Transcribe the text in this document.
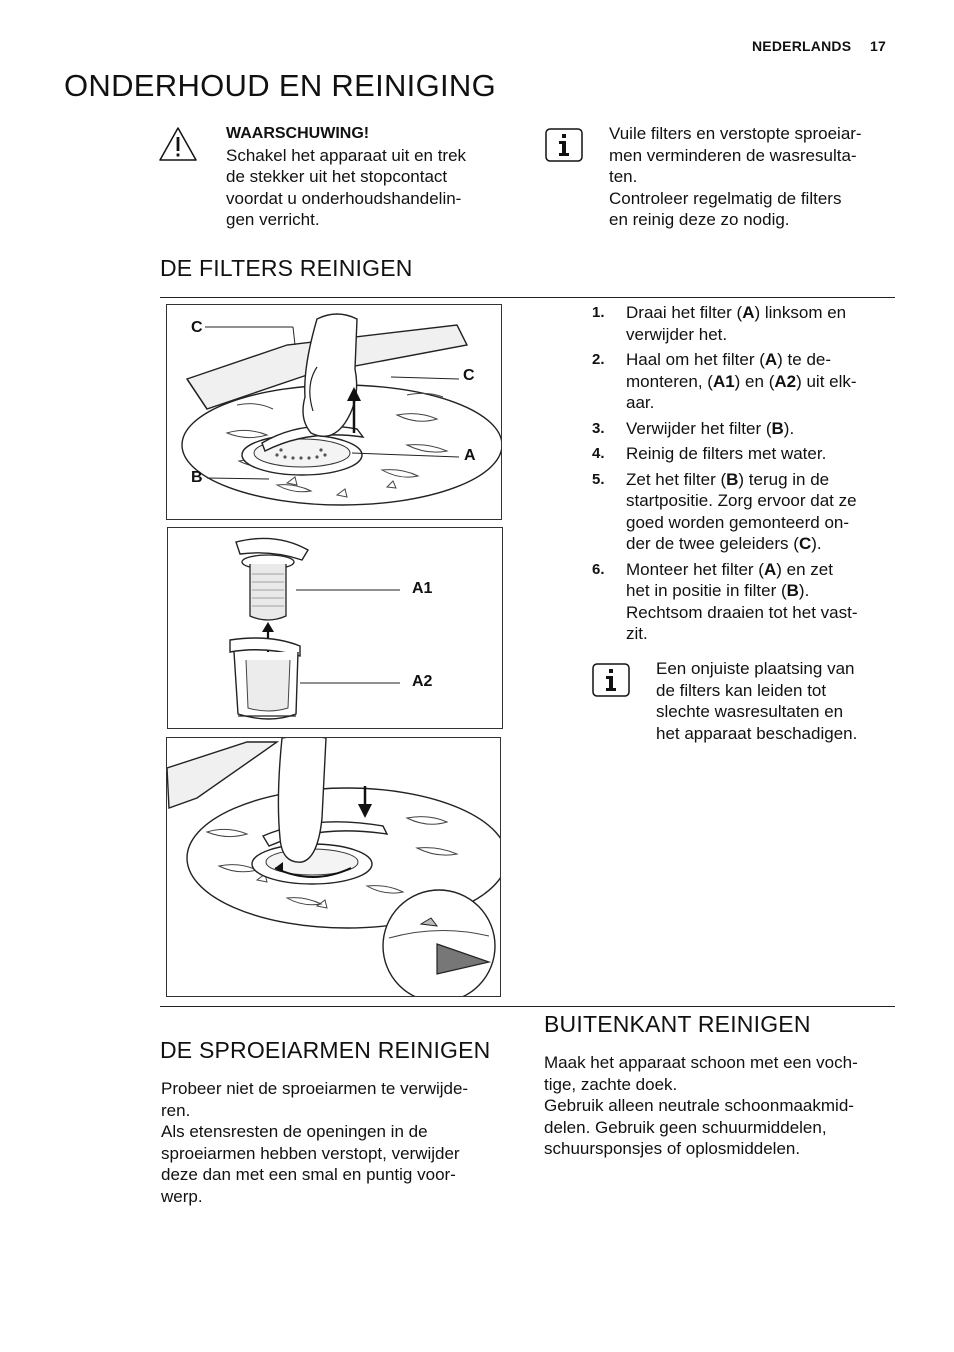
NEDERLANDS 17
ONDERHOUD EN REINIGING

WAARSCHUWING!

Schakel het apparaat uit en trek

de stekker uit het stopcontact

voordat u onderhoudshandelin-

gen verricht.

Vuile filters en verstopte sproeiar-

men verminderen de wasresulta-

ten.

Controleer regelmatig de filters

en reinig deze zo nodig.

DE FILTERS REINIGEN
C
C
A
B
A1
A2
1. Draai het filter (A) linksom en

verwijder het.

2. Haal om het filter (A) te de-

monteren, (A1) en (A2) uit elk-

aar.

3. Verwijder het filter (B).

4. Reinig de filters met water.

5. Zet het filter (B) terug in de

startpositie. Zorg ervoor dat ze

goed worden gemonteerd on-

der de twee geleiders (C).

6. Monteer het filter (A) en zet

het in positie in filter (B).

Rechtsom draaien tot het vast-

zit.

Een onjuiste plaatsing van

de filters kan leiden tot

slechte wasresultaten en

het apparaat beschadigen.

DE SPROEIARMEN REINIGEN

Probeer niet de sproeiarmen te verwijde-

ren.

Als etensresten de openingen in de

sproeiarmen hebben verstopt, verwijder

deze dan met een smal en puntig voor-

werp.

BUITENKANT REINIGEN

Maak het apparaat schoon met een voch-

tige, zachte doek.

Gebruik alleen neutrale schoonmaakmid-

delen. Gebruik geen schuurmiddelen,

schuursponsjes of oplosmiddelen.
